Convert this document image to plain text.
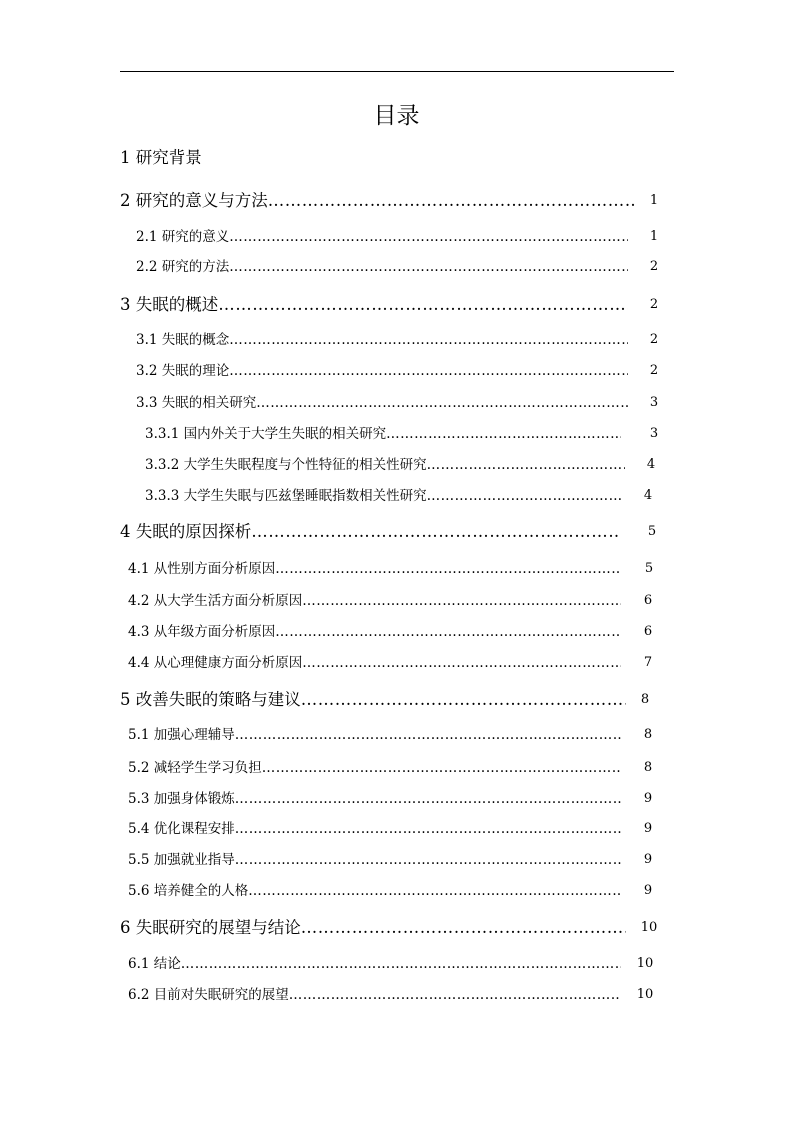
目录
1 研究背景
2 研究的意义与方法 ………………………………………………………………………………………………………………………………………………………………………………………………	1
2.1 研究的意义 ………………………………………………………………………………………………………………………………………………………………………………………………	1
2.2 研究的方法 ………………………………………………………………………………………………………………………………………………………………………………………………	2
3 失眠的概述 ………………………………………………………………………………………………………………………………………………………………………………………………	2
3.1 失眠的概念 ………………………………………………………………………………………………………………………………………………………………………………………………	2
3.2 失眠的理论 ………………………………………………………………………………………………………………………………………………………………………………………………	2
3.3 失眠的相关研究 ………………………………………………………………………………………………………………………………………………………………………………………………	3
3.3.1 国内外关于大学生失眠的相关研究 ………………………………………………………………………………………………………………………………………………………………………………………………	3
3.3.2 大学生失眠程度与个性特征的相关性研究 ………………………………………………………………………………………………………………………………………………………………………………………………	4
3.3.3 大学生失眠与匹兹堡睡眠指数相关性研究 ………………………………………………………………………………………………………………………………………………………………………………………………	4
4 失眠的原因探析 ………………………………………………………………………………………………………………………………………………………………………………………………	5
4.1 从性别方面分析原因 ………………………………………………………………………………………………………………………………………………………………………………………………	5
4.2 从大学生活方面分析原因 ………………………………………………………………………………………………………………………………………………………………………………………………	6
4.3 从年级方面分析原因 ………………………………………………………………………………………………………………………………………………………………………………………………	6
4.4 从心理健康方面分析原因 ………………………………………………………………………………………………………………………………………………………………………………………………	7
5 改善失眠的策略与建议 ………………………………………………………………………………………………………………………………………………………………………………………………	8
5.1 加强心理辅导 ………………………………………………………………………………………………………………………………………………………………………………………………	8
5.2 减轻学生学习负担 ………………………………………………………………………………………………………………………………………………………………………………………………	8
5.3 加强身体锻炼 ………………………………………………………………………………………………………………………………………………………………………………………………	9
5.4 优化课程安排 ………………………………………………………………………………………………………………………………………………………………………………………………	9
5.5 加强就业指导 ………………………………………………………………………………………………………………………………………………………………………………………………	9
5.6 培养健全的人格 ………………………………………………………………………………………………………………………………………………………………………………………………	9
6 失眠研究的展望与结论 ………………………………………………………………………………………………………………………………………………………………………………………………	10
6.1 结论 ………………………………………………………………………………………………………………………………………………………………………………………………	10
6.2 目前对失眠研究的展望 ………………………………………………………………………………………………………………………………………………………………………………………………	10
